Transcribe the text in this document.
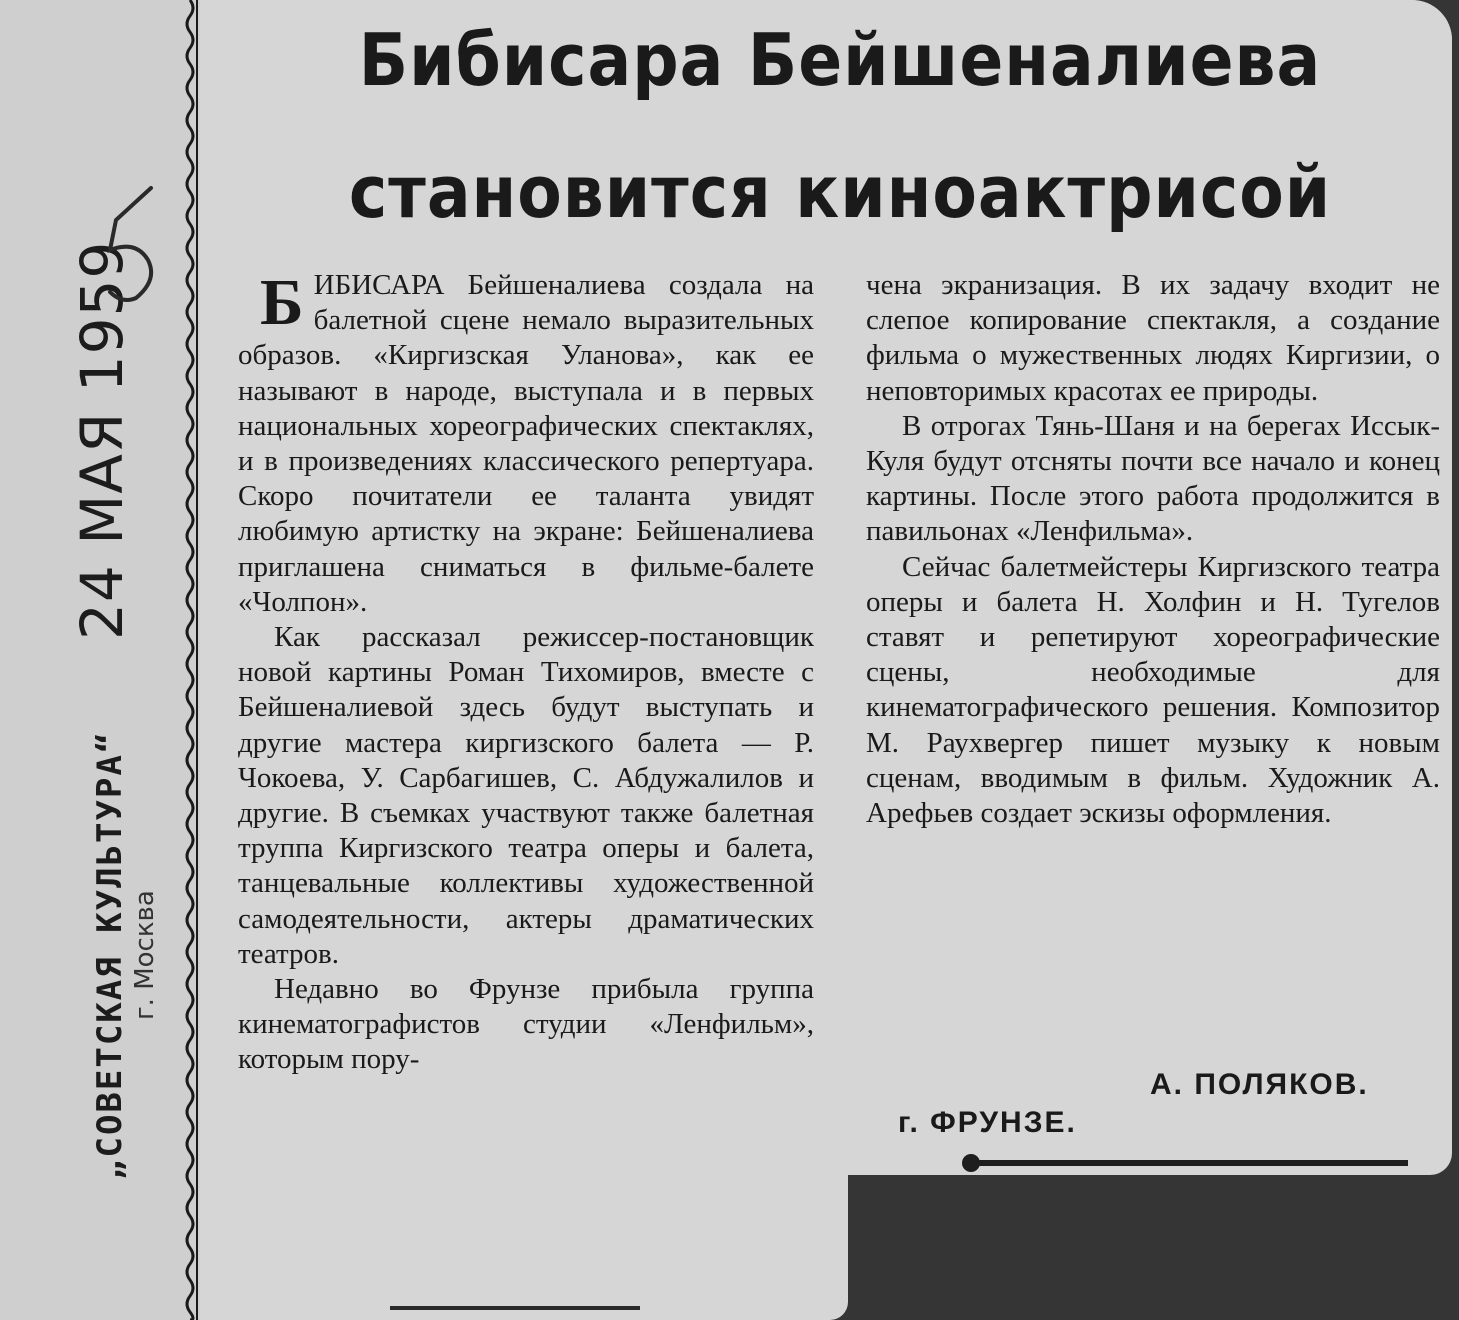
„СОВЕТСКАЯ КУЛЬТУРА“
24 МАЯ 1959
г. Москва
Бибисара Бейшеналиева
становится киноактрисой

БИБИСАРА Бейшеналиева создала на балетной сцене немало выразительных образов. «Киргизская Уланова», как ее называют в народе, выступала и в первых национальных хореографических спектаклях, и в произведениях классического репертуара. Скоро почитатели ее таланта увидят любимую артистку на экране: Бейшеналиева приглашена сниматься в фильме-балете «Чолпон».

Как рассказал режиссер-постановщик новой картины Роман Тихомиров, вместе с Бейшеналиевой здесь будут выступать и другие мастера киргизского балета — Р. Чокоева, У. Сарбагишев, С. Абдужалилов и другие. В съемках участвуют также балетная труппа Киргизского театра оперы и балета, танцевальные коллективы художественной самодеятельности, актеры драматических театров.

Недавно во Фрунзе прибыла группа кинематографистов студии «Ленфильм», которым пору-

чена экранизация. В их задачу входит не слепое копирование спектакля, а создание фильма о мужественных людях Киргизии, о неповторимых красотах ее природы.

В отрогах Тянь-Шаня и на берегах Иссык-Куля будут отсняты почти все начало и конец картины. После этого работа продолжится в павильонах «Ленфильма».

Сейчас балетмейстеры Киргизского театра оперы и балета Н. Холфин и Н. Тугелов ставят и репетируют хореографические сцены, необходимые для кинематографического решения. Композитор М. Раухвергер пишет музыку к новым сценам, вводимым в фильм. Художник А. Арефьев создает эскизы оформления.

А. ПОЛЯКОВ.
г. ФРУНЗЕ.
